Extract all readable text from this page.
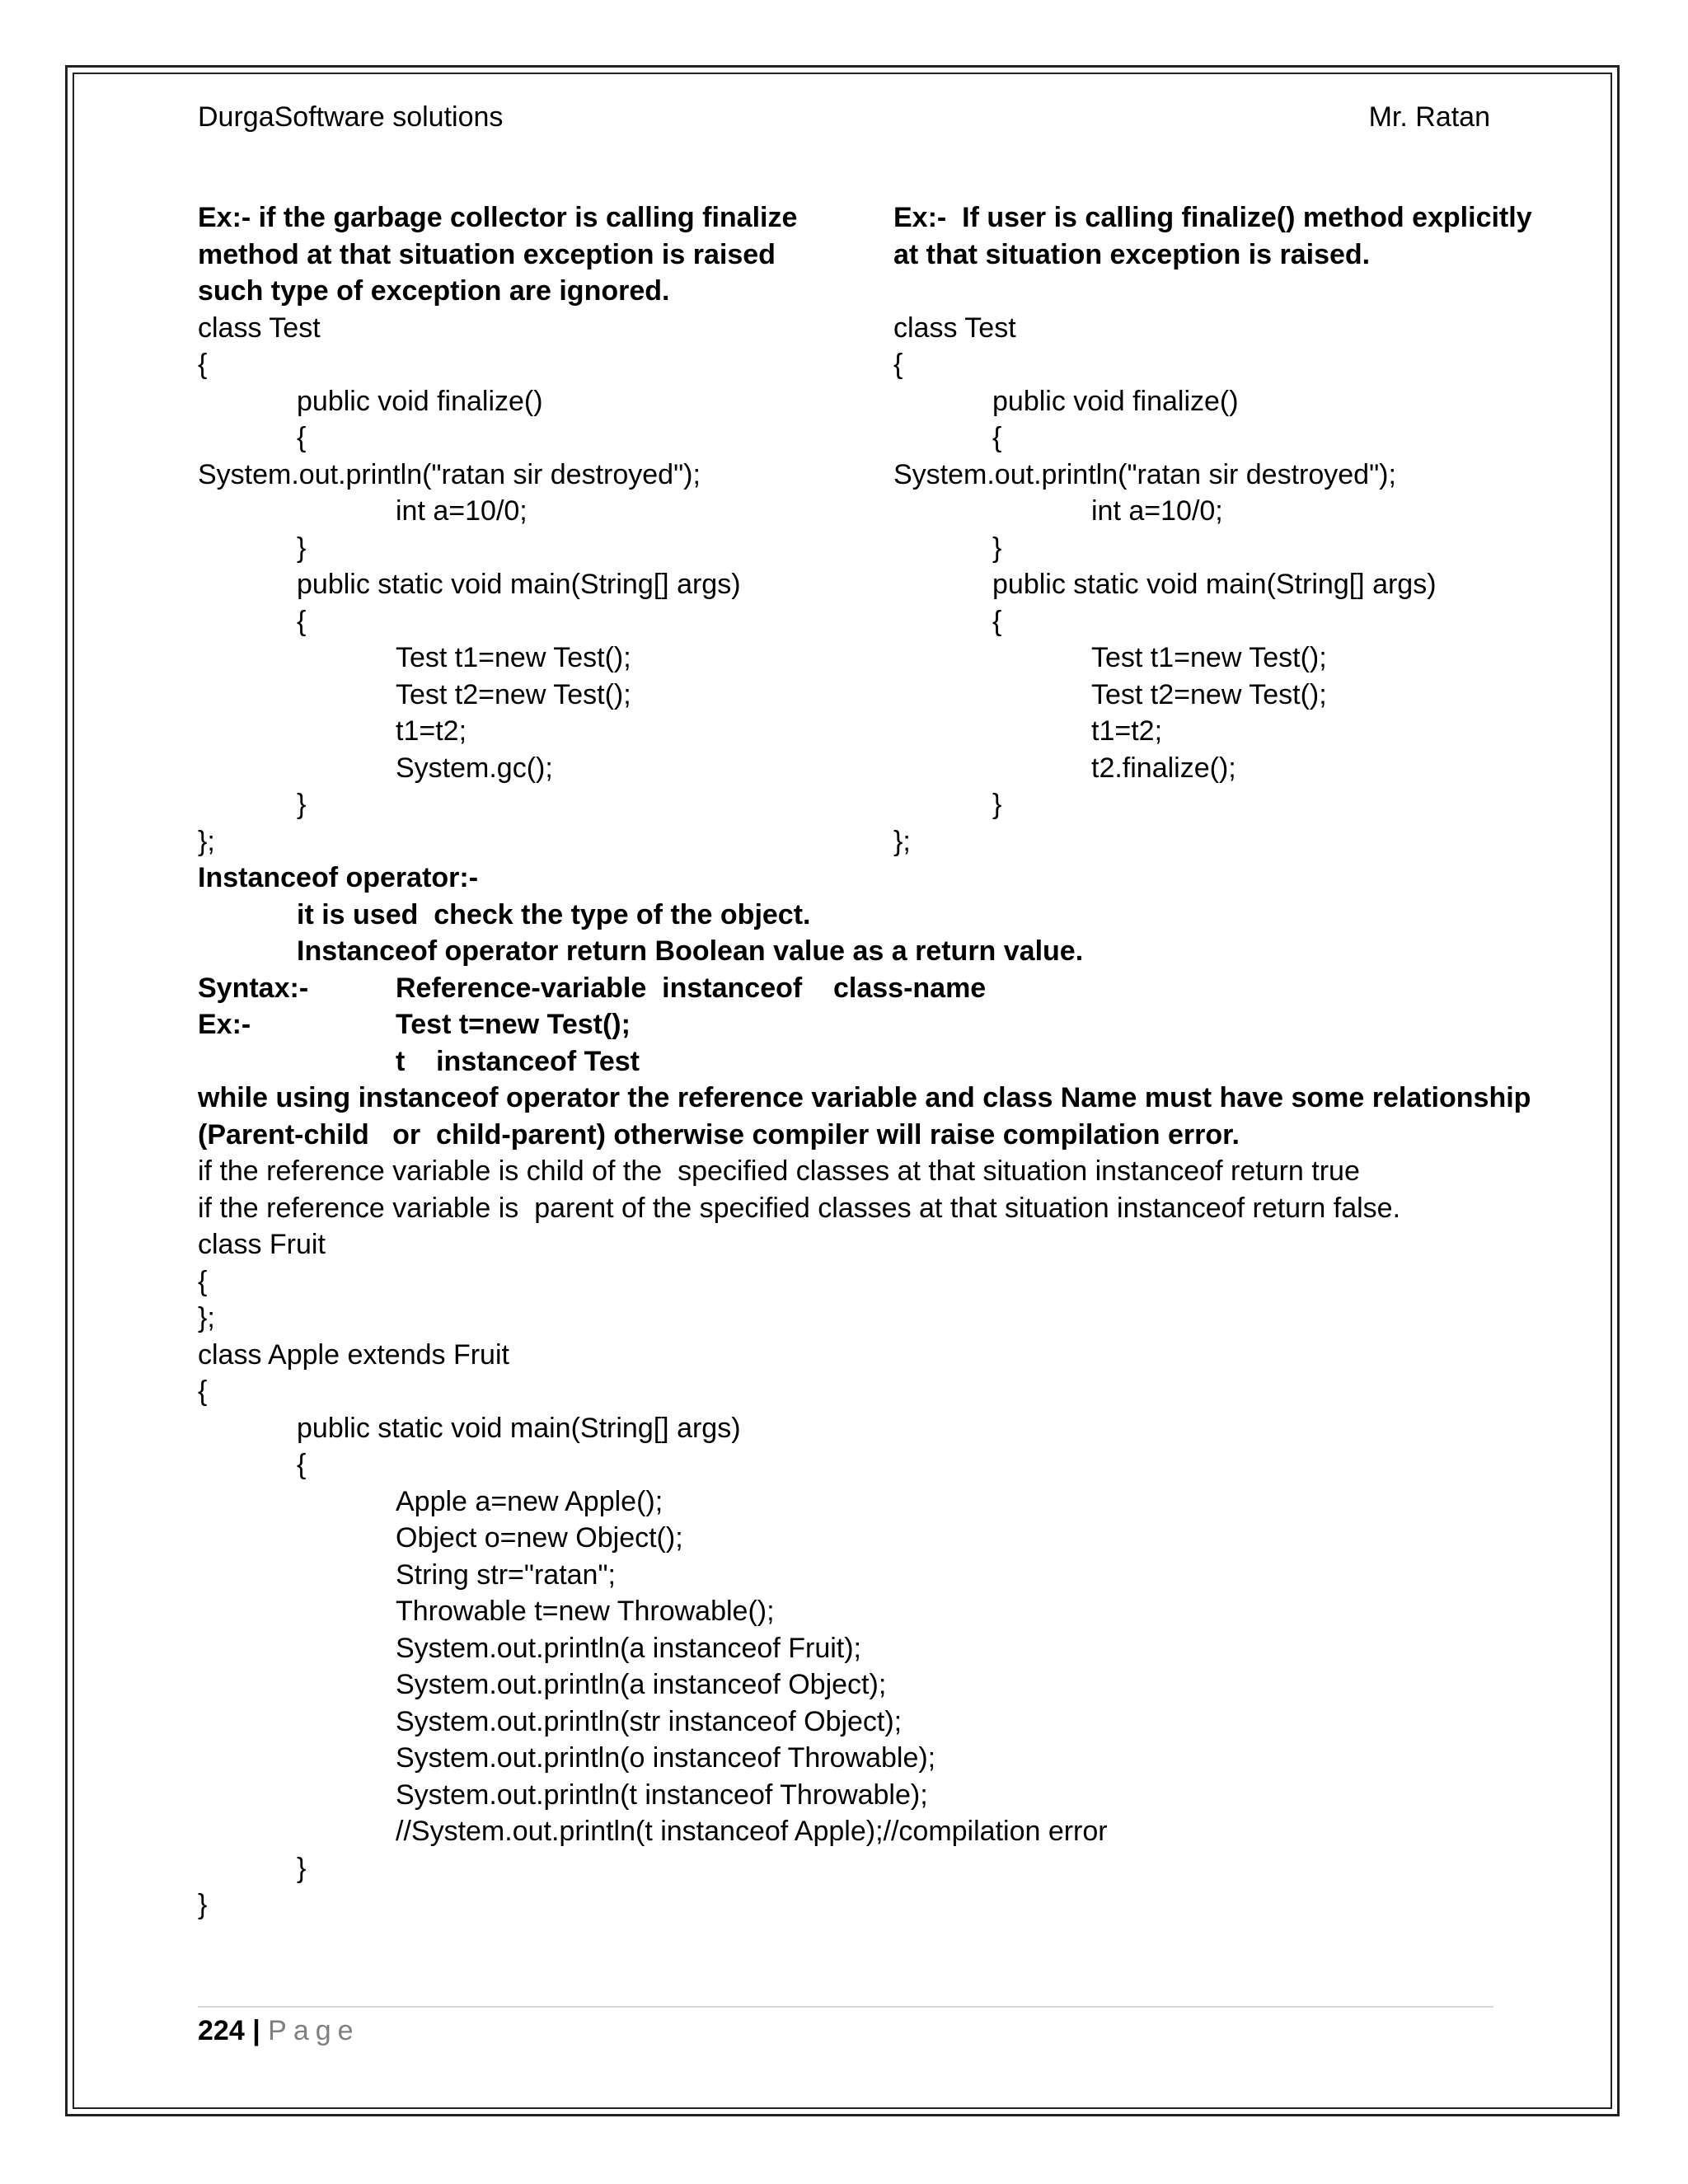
DurgaSoftware solutions	Mr. Ratan
Ex:- if the garbage collector is calling finalize
method at that situation exception is raised
such type of exception are ignored.
class Test
{
public void finalize()
{
System.out.println("ratan sir destroyed");
int a=10/0;
}
public static void main(String[] args)
{
Test t1=new Test();
Test t2=new Test();
t1=t2;
System.gc();
}
};
Ex:-  If user is calling finalize() method explicitly
at that situation exception is raised.
class Test
{
public void finalize()
{
System.out.println("ratan sir destroyed");
int a=10/0;
}
public static void main(String[] args)
{
Test t1=new Test();
Test t2=new Test();
t1=t2;
t2.finalize();
}
};
Instanceof operator:-
it is used  check the type of the object.
Instanceof operator return Boolean value as a return value.
Syntax:-	Reference-variable  instanceof    class-name
Ex:-	Test t=new Test();
t    instanceof Test
while using instanceof operator the reference variable and class Name must have some relationship
(Parent-child   or  child-parent) otherwise compiler will raise compilation error.
if the reference variable is child of the  specified classes at that situation instanceof return true
if the reference variable is  parent of the specified classes at that situation instanceof return false.
class Fruit
{
};
class Apple extends Fruit
{
public static void main(String[] args)
{
Apple a=new Apple();
Object o=new Object();
String str="ratan";
Throwable t=new Throwable();
System.out.println(a instanceof Fruit);
System.out.println(a instanceof Object);
System.out.println(str instanceof Object);
System.out.println(o instanceof Throwable);
System.out.println(t instanceof Throwable);
//System.out.println(t instanceof Apple);//compilation error
}
}
224 | Page
